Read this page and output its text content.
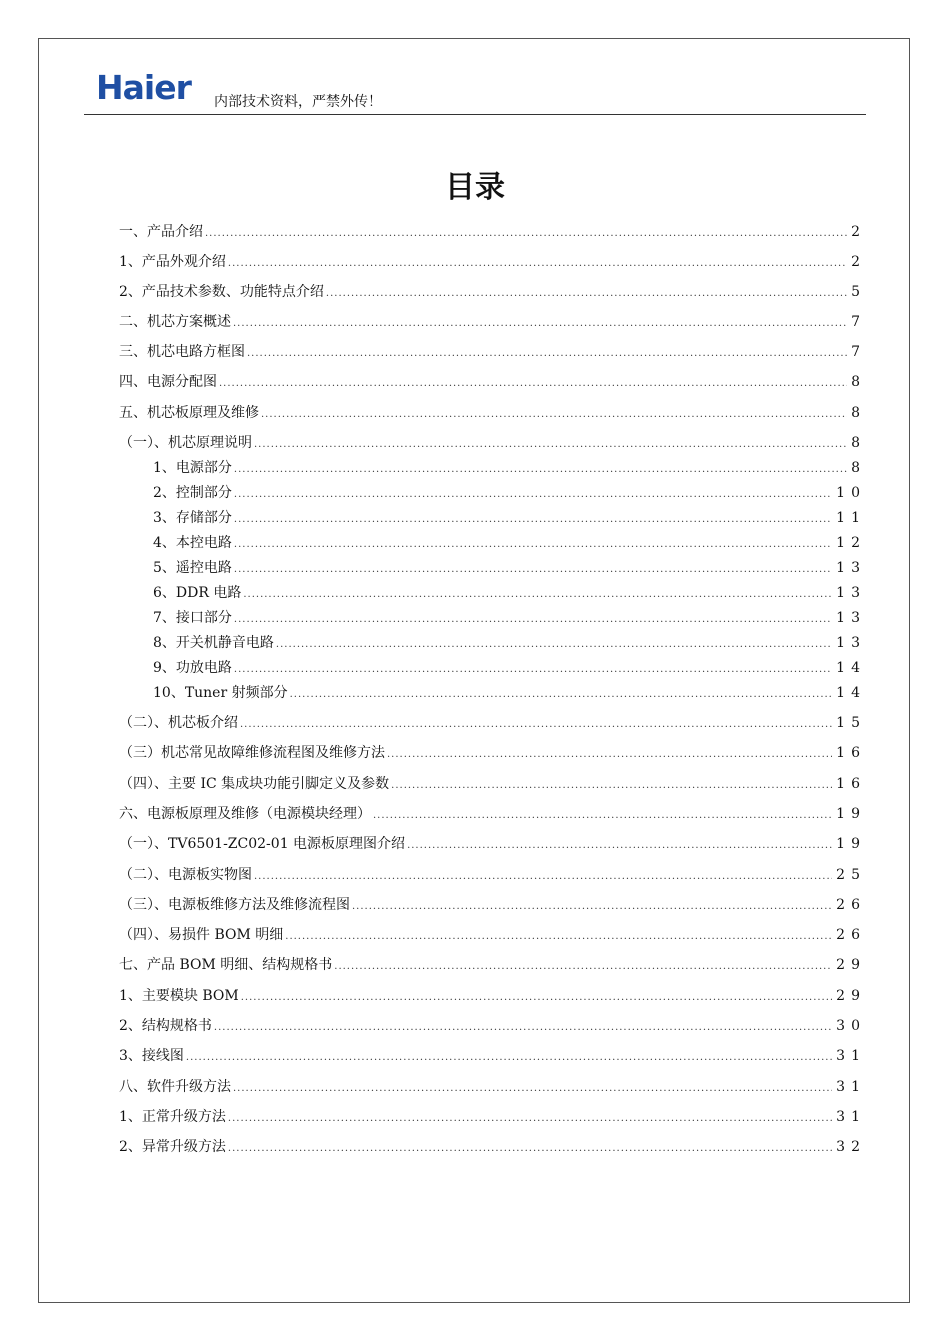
Haier 内部技术资料，严禁外传！
目录
一、产品介绍 .....	2
1、产品外观介绍 .....	2
2、产品技术参数、功能特点介绍 .....	5
二、机芯方案概述 .....	7
三、机芯电路方框图 .....	7
四、电源分配图 .....	8
五、机芯板原理及维修 .....	8
（一）、机芯原理说明 .....	8
1、电源部分 .....	8
2、控制部分 .....	10
3、存储部分 .....	11
4、本控电路 .....	12
5、遥控电路 .....	13
6、DDR 电路 .....	13
7、接口部分 .....	13
8、开关机静音电路 .....	13
9、功放电路 .....	14
10、Tuner 射频部分 .....	14
（二）、机芯板介绍 .....	15
（三）机芯常见故障维修流程图及维修方法 .....	16
（四）、主要 IC 集成块功能引脚定义及参数 .....	16
六、电源板原理及维修（电源模块经理） .....	19
（一）、TV6501-ZC02-01 电源板原理图介绍 .....	19
（二）、电源板实物图 .....	25
（三）、电源板维修方法及维修流程图 .....	26
（四）、易损件 BOM 明细 .....	26
七、产品 BOM 明细、结构规格书 .....	29
1、主要模块 BOM .....	29
2、结构规格书 .....	30
3、接线图 .....	31
八、软件升级方法 .....	31
1、正常升级方法 .....	31
2、异常升级方法 .....	32
